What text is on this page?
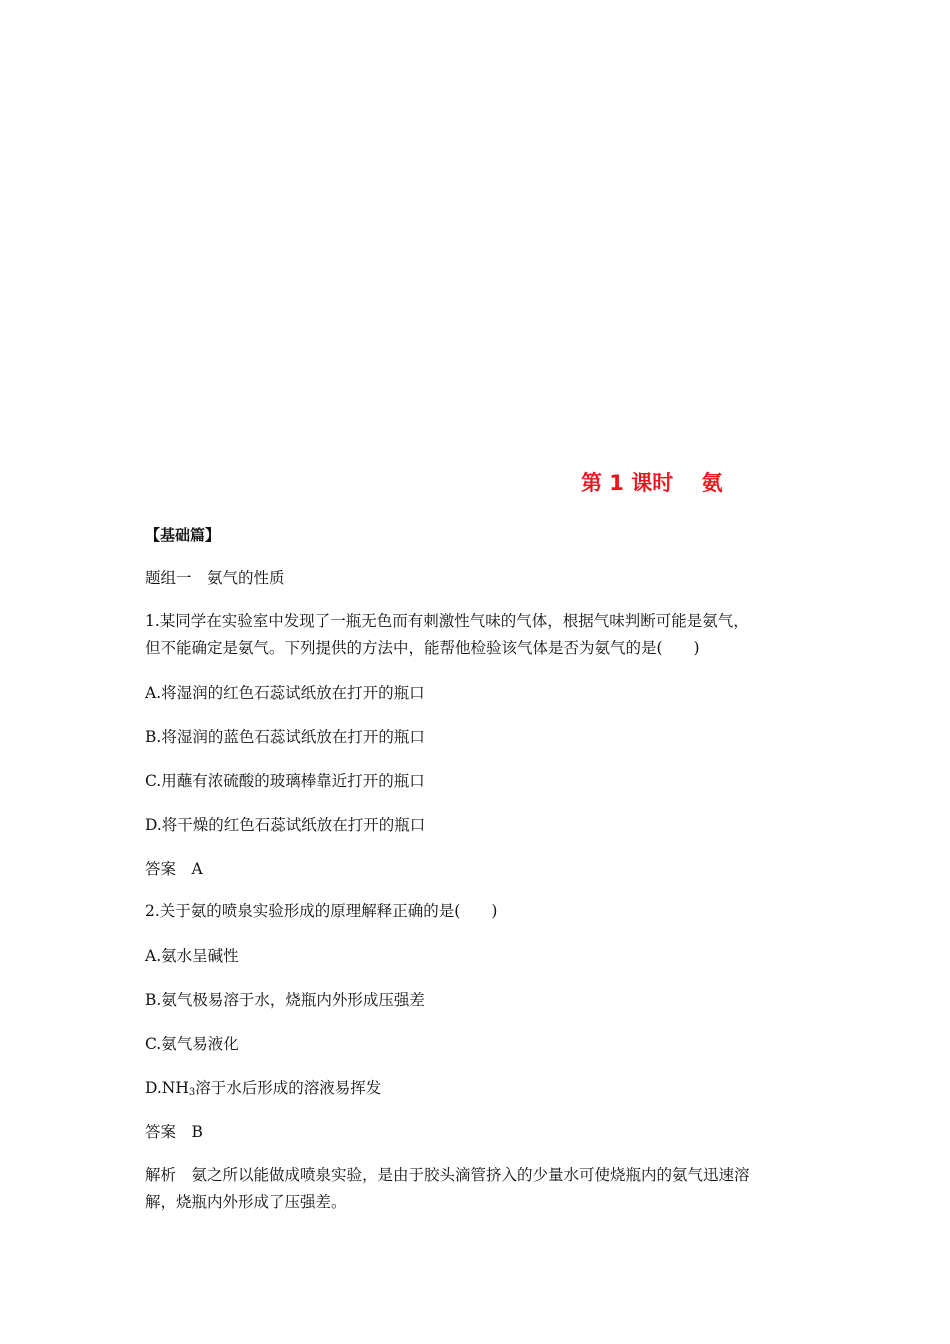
第 1 课时　 氨
【基础篇】
题组一　氨气的性质
1.某同学在实验室中发现了一瓶无色而有刺激性气味的气体，根据气味判断可能是氨气，
但不能确定是氨气。下列提供的方法中，能帮他检验该气体是否为氨气的是(　　)
A.将湿润的红色石蕊试纸放在打开的瓶口
B.将湿润的蓝色石蕊试纸放在打开的瓶口
C.用蘸有浓硫酸的玻璃棒靠近打开的瓶口
D.将干燥的红色石蕊试纸放在打开的瓶口
答案　A
2.关于氨的喷泉实验形成的原理解释正确的是(　　)
A.氨水呈碱性
B.氨气极易溶于水，烧瓶内外形成压强差
C.氨气易液化
$D.NH_3$溶于水后形成的溶液易挥发
答案　B
解析　氨之所以能做成喷泉实验，是由于胶头滴管挤入的少量水可使烧瓶内的氨气迅速溶
解，烧瓶内外形成了压强差。
